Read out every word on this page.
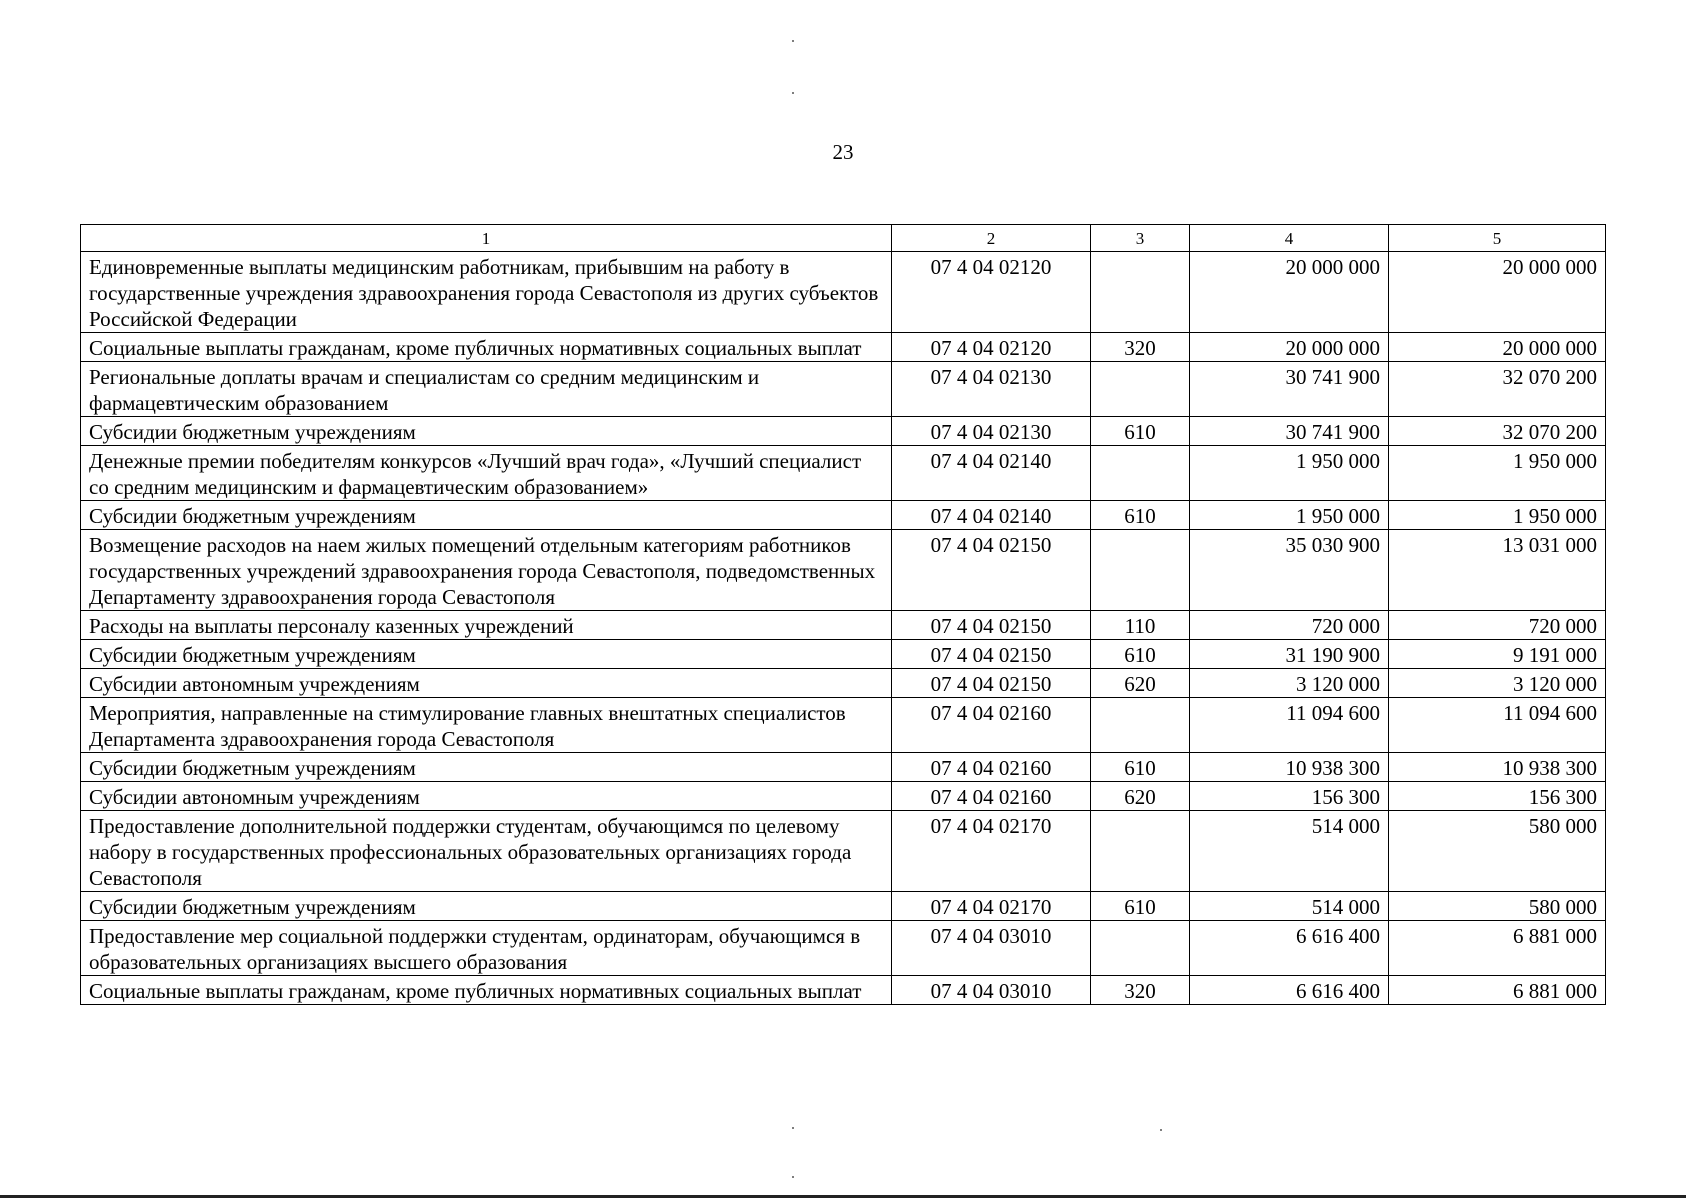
23
1	2	3	4	5
Единовременные выплаты медицинским работникам, прибывшим на работу в государственные учреждения здравоохранения города Севастополя из других субъектов Российской Федерации	07 4 04 02120		20 000 000	20 000 000
Социальные выплаты гражданам, кроме публичных нормативных социальных выплат	07 4 04 02120	320	20 000 000	20 000 000
Региональные доплаты врачам и специалистам со средним медицинским и фармацевтическим образованием	07 4 04 02130		30 741 900	32 070 200
Субсидии бюджетным учреждениям	07 4 04 02130	610	30 741 900	32 070 200
Денежные премии победителям конкурсов «Лучший врач года», «Лучший специалист со средним медицинским и фармацевтическим образованием»	07 4 04 02140		1 950 000	1 950 000
Субсидии бюджетным учреждениям	07 4 04 02140	610	1 950 000	1 950 000
Возмещение расходов на наем жилых помещений отдельным категориям работников государственных учреждений здравоохранения города Севастополя, подведомственных Департаменту здравоохранения города Севастополя	07 4 04 02150		35 030 900	13 031 000
Расходы на выплаты персоналу казенных учреждений	07 4 04 02150	110	720 000	720 000
Субсидии бюджетным учреждениям	07 4 04 02150	610	31 190 900	9 191 000
Субсидии автономным учреждениям	07 4 04 02150	620	3 120 000	3 120 000
Мероприятия, направленные на стимулирование главных внештатных специалистов Департамента здравоохранения города Севастополя	07 4 04 02160		11 094 600	11 094 600
Субсидии бюджетным учреждениям	07 4 04 02160	610	10 938 300	10 938 300
Субсидии автономным учреждениям	07 4 04 02160	620	156 300	156 300
Предоставление дополнительной поддержки студентам, обучающимся по целевому набору в государственных профессиональных образовательных организациях города Севастополя	07 4 04 02170		514 000	580 000
Субсидии бюджетным учреждениям	07 4 04 02170	610	514 000	580 000
Предоставление мер социальной поддержки студентам, ординаторам, обучающимся в образовательных организациях высшего образования	07 4 04 03010		6 616 400	6 881 000
Социальные выплаты гражданам, кроме публичных нормативных социальных выплат	07 4 04 03010	320	6 616 400	6 881 000
